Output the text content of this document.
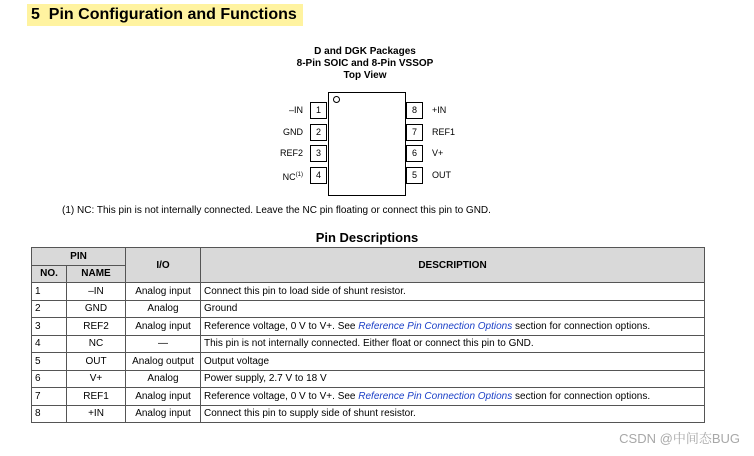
5 Pin Configuration and Functions
D and DGK Packages
8-Pin SOIC and 8-Pin VSSOP
Top View
–IN	1
GND	2
REF2	3
NC$^{(1)}$	4
8	+IN
7	REF1
6	V+
5	OUT
(1) NC: This pin is not internally connected. Leave the NC pin floating or connect this pin to GND.
Pin Descriptions
PIN		I/O	DESCRIPTION
NO.	NAME		
1	–IN	Analog input	Connect this pin to load side of shunt resistor.
2	GND	Analog	Ground
3	REF2	Analog input	Reference voltage, 0 V to V+. See Reference Pin Connection Options section for connection options.
4	NC	—	This pin is not internally connected. Either float or connect this pin to GND.
5	OUT	Analog output	Output voltage
6	V+	Analog	Power supply, 2.7 V to 18 V
7	REF1	Analog input	Reference voltage, 0 V to V+. See Reference Pin Connection Options section for connection options.
8	+IN	Analog input	Connect this pin to supply side of shunt resistor.
CSDN @中间态BUG
